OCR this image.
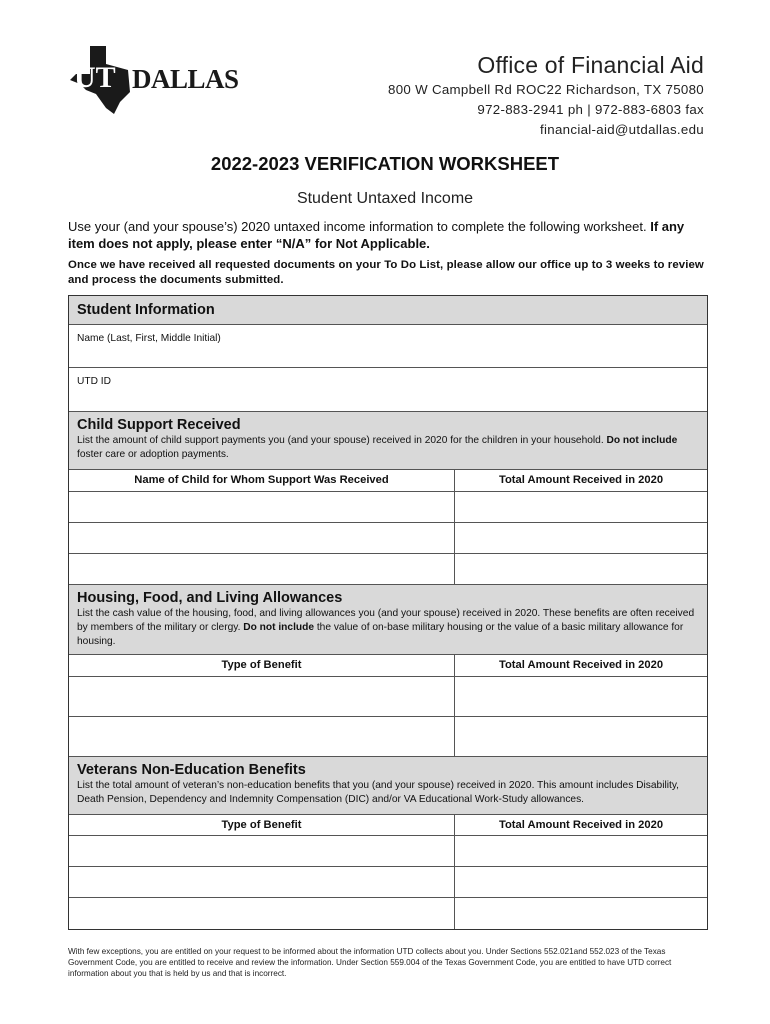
UT DALLAS	Office of Financial Aid
800 W Campbell Rd ROC22 Richardson, TX 75080
972-883-2941 ph | 972-883-6803 fax
financial-aid@utdallas.edu
2022-2023 VERIFICATION WORKSHEET
Student Untaxed Income
Use your (and your spouse’s) 2020 untaxed income information to complete the following worksheet. If any item does not apply, please enter “N/A” for Not Applicable.
Once we have received all requested documents on your To Do List, please allow our office up to 3 weeks to review and process the documents submitted.
Student Information
Name (Last, First, Middle Initial)
UTD ID
Child Support Received
List the amount of child support payments you (and your spouse) received in 2020 for the children in your household. Do not include foster care or adoption payments.
Name of Child for Whom Support Was Received	Total Amount Received in 2020
Housing, Food, and Living Allowances
List the cash value of the housing, food, and living allowances you (and your spouse) received in 2020. These benefits are often received by members of the military or clergy. Do not include the value of on-base military housing or the value of a basic military allowance for housing.
Type of Benefit	Total Amount Received in 2020
Veterans Non-Education Benefits
List the total amount of veteran’s non-education benefits that you (and your spouse) received in 2020. This amount includes Disability, Death Pension, Dependency and Indemnity Compensation (DIC) and/or VA Educational Work-Study allowances.
Type of Benefit	Total Amount Received in 2020
With few exceptions, you are entitled on your request to be informed about the information UTD collects about you. Under Sections 552.021and 552.023 of the Texas Government Code, you are entitled to receive and review the information. Under Section 559.004 of the Texas Government Code, you are entitled to have UTD correct information about you that is held by us and that is incorrect.
